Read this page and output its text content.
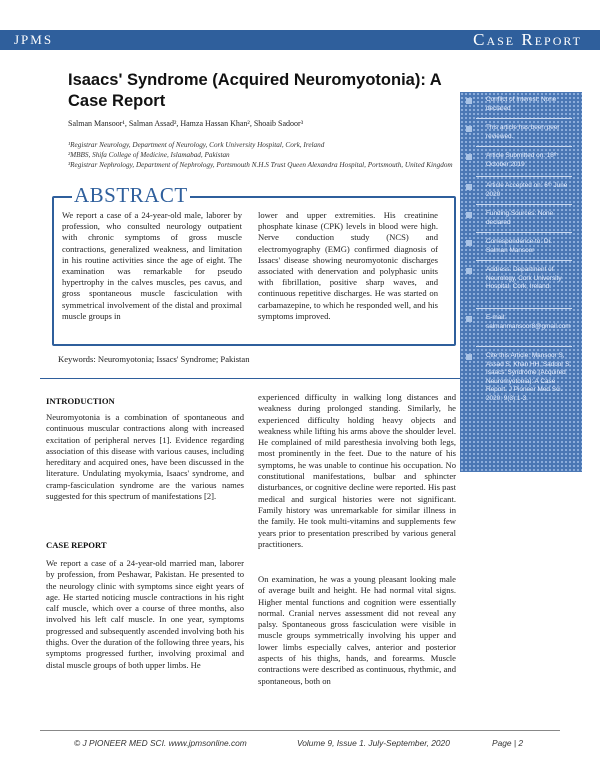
JPMS	Case Report
Isaacs' Syndrome (Acquired Neuromyotonia): A Case Report
Salman Mansoor¹, Salman Assad², Hamza Hassan Khan², Shoaib Sadoor³
¹Registrar Neurology, Department of Neurology, Cork University Hospital, Cork, Ireland
²MBBS, Shifa College of Medicine, Islamabad, Pakistan
³Registrar Nephrology, Department of Nephrology, Portsmouth N.H.S Trust Queen Alexandra Hospital, Portsmouth, United Kingdom
ABSTRACT
We report a case of a 24-year-old male, laborer by profession, who consulted neurology outpatient with chronic symptoms of gross muscle contractions, generalized weakness, and limitation in his routine activities since the age of eight. The examination was remarkable for pseudo hypertrophy in the calves muscles, pes cavus, and gross spontaneous muscle fasciculation with symmetrical involvement of the distal and proximal muscle groups in
lower and upper extremities. His creatinine phosphate kinase (CPK) levels in blood were high. Nerve conduction study (NCS) and electromyography (EMG) confirmed diagnosis of Issacs' disease showing neuromyotonic discharges associated with denervation and polyphasic units with fibrillation, positive sharp waves, and continuous repetitive discharges. He was started on carbamazepine, to which he responded well, and his symptoms improved.
Keywords: Neuromyotonia; Issacs' Syndrome; Pakistan
Conflict of Interest: None declared
This article has been peer reviewed.
Article Submitted on: 18ᵗʰ October 2019
Article Accepted on: 6ᵗʰ June 2020
Funding Sources: None declared
Correspondence to: Dr. Salman Mansoor
Address: Department of Neurology, Cork University Hospital, Cork, Ireland.
E-mail: salmanmansoor8@gmail.com
Cite this Article: Mansoor S, Assad S, Khan HH, Sadoor S. Isaacs' Syndrome (Acquired Neuromyotonia): A Case Report. J Pioneer Med Sci. 2020; 9(3):1-3.
INTRODUCTION
Neuromyotonia is a combination of spontaneous and continuous muscular contractions along with increased excitation of peripheral nerves [1]. Evidence regarding association of this disease with various causes, including hereditary and acquired ones, have been discussed in the literature. Undulating myokymia, Isaacs' syndrome, and cramp-fasciculation syndrome are the various names suggested for this spectrum of manifestations [2].
CASE REPORT
We report a case of a 24-year-old married man, laborer by profession, from Peshawar, Pakistan. He presented to the neurology clinic with symptoms since eight years of age. He started noticing muscle contractions in his right calf muscle, which over a course of three months, also involved his left calf muscle. In one year, symptoms progressed and subsequently ascended involving both his thighs. Over the duration of the following three years, his symptoms progressed further, involving proximal and distal muscle groups of both upper limbs. He
experienced difficulty in walking long distances and weakness during prolonged standing. Similarly, he experienced difficulty holding heavy objects and weakness while lifting his arms above the shoulder level. He complained of mild paresthesia involving both legs, most prominently in the feet. Due to the nature of his symptoms, he was unable to continue his occupation. No constitutional manifestations, bulbar and sphincter disturbances, or cognitive decline were reported. His past medical and surgical histories were not significant. Family history was unremarkable for similar illness in the family. He took multi-vitamins and supplements few years prior to presentation prescribed by various general practitioners.
On examination, he was a young pleasant looking male of average built and height. He had normal vital signs. Higher mental functions and cognition were essentially normal. Cranial nerves assessment did not reveal any palsy. Spontaneous gross fasciculation were visible in muscle groups symmetrically involving his upper and lower limbs especially calves, anterior and posterior aspects of his thighs, hands, and forearms. Muscle contractions were described as continuous, rhythmic, and spontaneous, both on
© J PIONEER MED SCI. www.jpmsonline.com	Volume 9, Issue 1. July-September, 2020	Page | 2
